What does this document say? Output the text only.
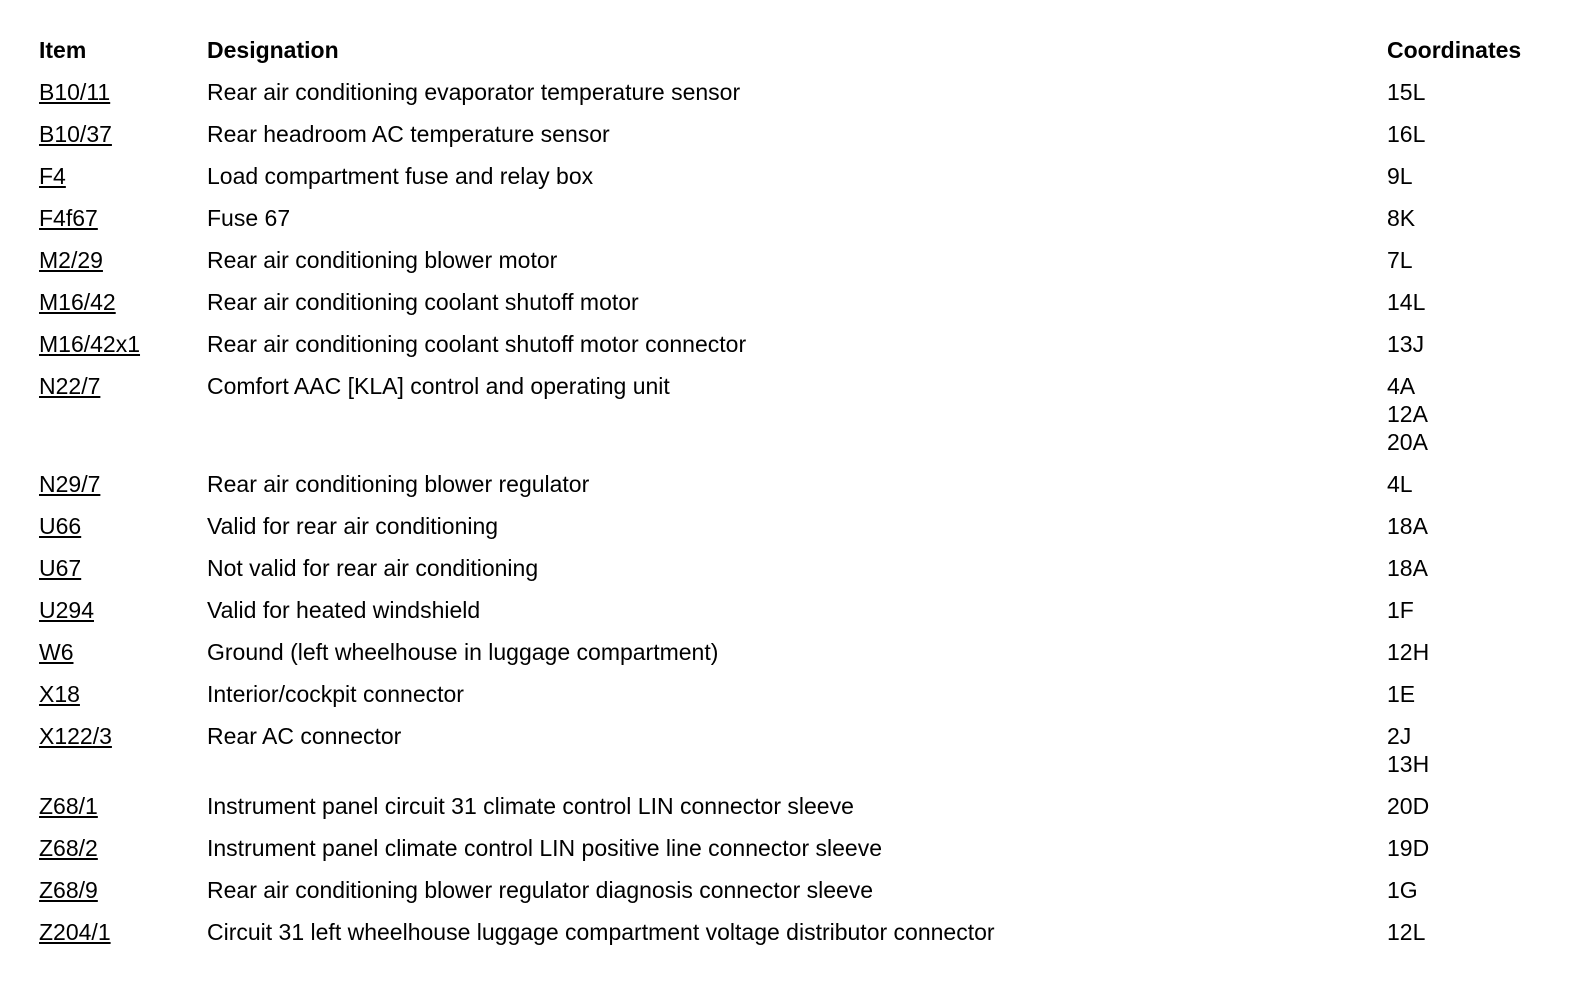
Item	Designation	Coordinates
B10/11	Rear air conditioning evaporator temperature sensor	15L

B10/37	Rear headroom AC temperature sensor	16L

F4	Load compartment fuse and relay box	9L

F4f67	Fuse 67	8K

M2/29	Rear air conditioning blower motor	7L

M16/42	Rear air conditioning coolant shutoff motor	14L

M16/42x1	Rear air conditioning coolant shutoff motor connector	13J

N22/7	Comfort AAC [KLA] control and operating unit	4A
12A
20A

N29/7	Rear air conditioning blower regulator	4L

U66	Valid for rear air conditioning	18A

U67	Not valid for rear air conditioning	18A

U294	Valid for heated windshield	1F

W6	Ground (left wheelhouse in luggage compartment)	12H

X18	Interior/cockpit connector	1E

X122/3	Rear AC connector	2J
13H

Z68/1	Instrument panel circuit 31 climate control LIN connector sleeve	20D

Z68/2	Instrument panel climate control LIN positive line connector sleeve	19D

Z68/9	Rear air conditioning blower regulator diagnosis connector sleeve	1G

Z204/1	Circuit 31 left wheelhouse luggage compartment voltage distributor connector	12L
